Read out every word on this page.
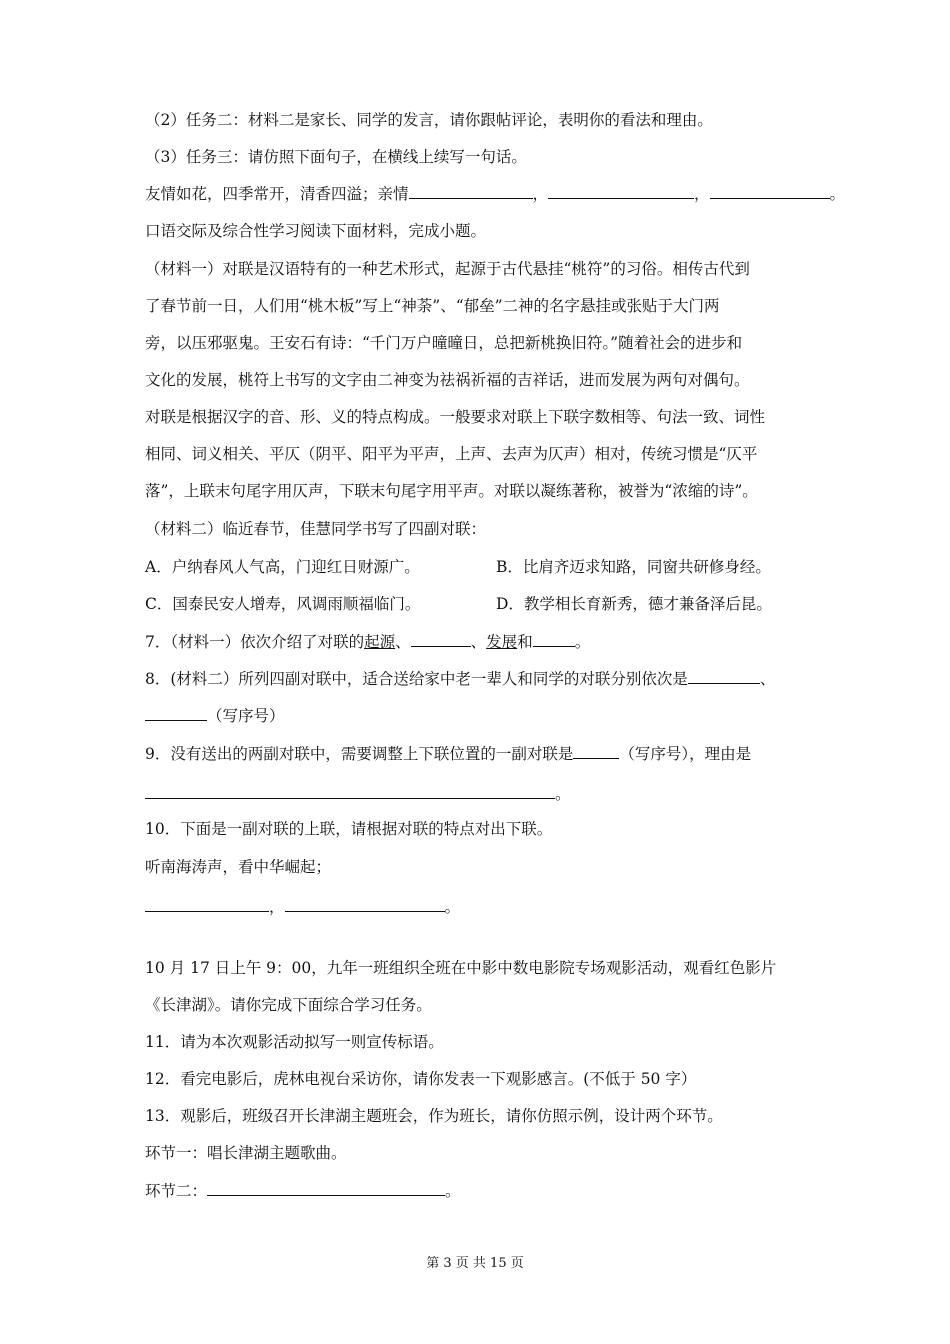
（2）任务二：材料二是家长、同学的发言，请你跟帖评论，表明你的看法和理由。
（3）任务三：请仿照下面句子，在横线上续写一句话。
友情如花，四季常开，清香四溢；亲情	，	，	。
口语交际及综合性学习阅读下面材料，完成小题。
（材料一）对联是汉语特有的一种艺术形式，起源于古代悬挂“桃符”的习俗。相传古代到
了春节前一日，人们用“桃木板”写上“神荼”、“郁垒”二神的名字悬挂或张贴于大门两
旁，以压邪驱鬼。王安石有诗：“千门万户曈曈日，总把新桃换旧符。”随着社会的进步和
文化的发展，桃符上书写的文字由二神变为祛祸祈福的吉祥话，进而发展为两句对偶句。
对联是根据汉字的音、形、义的特点构成。一般要求对联上下联字数相等、句法一致、词性
相同、词义相关、平仄（阴平、阳平为平声，上声、去声为仄声）相对，传统习惯是“仄平
落”，上联末句尾字用仄声，下联末句尾字用平声。对联以凝练著称，被誉为“浓缩的诗”。
（材料二）临近春节，佳慧同学书写了四副对联：
A．户纳春风人气高，门迎红日财源广。	B．比肩齐迈求知路，同窗共研修身经。
C．国泰民安人增寿，风调雨顺福临门。	D．教学相长育新秀，德才兼备泽后昆。
7．（材料一）依次介绍了对联的起源、	、发展和	。
8．(材料二）所列四副对联中，适合送给家中老一辈人和同学的对联分别依次是	、
（写序号）
9．没有送出的两副对联中，需要调整上下联位置的一副对联是	（写序号），理由是
。
10．下面是一副对联的上联，请根据对联的特点对出下联。
听南海涛声，看中华崛起；
，	。
10 月 17 日上午 9：00，九年一班组织全班在中影中数电影院专场观影活动，观看红色影片
《长津湖》。请你完成下面综合学习任务。
11．请为本次观影活动拟写一则宣传标语。
12．看完电影后，虎林电视台采访你，请你发表一下观影感言。(不低于 50 字）
13．观影后，班级召开长津湖主题班会，作为班长，请你仿照示例，设计两个环节。
环节一：唱长津湖主题歌曲。
环节二：	。
第 3 页 共 15 页
